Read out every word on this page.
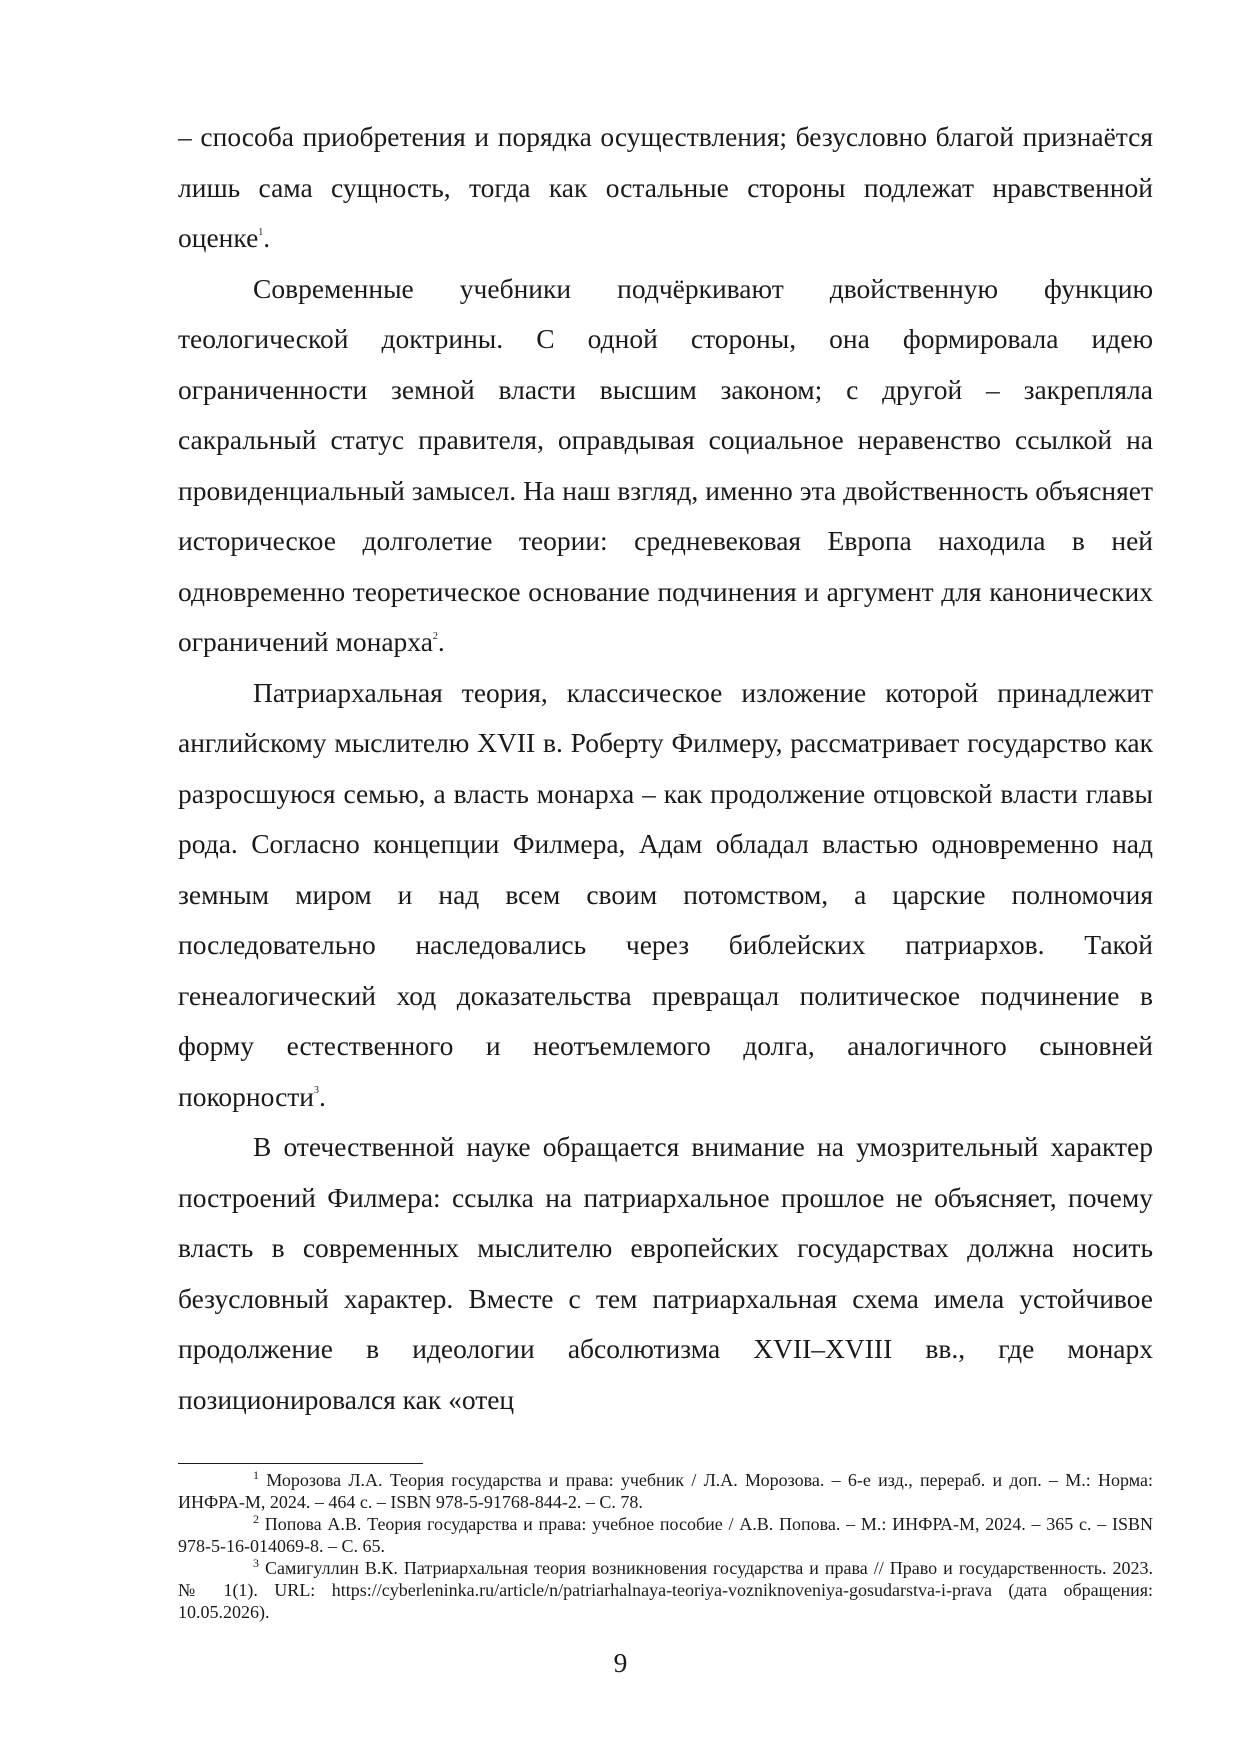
– способа приобретения и порядка осуществления; безусловно благой признаётся лишь сама сущность, тогда как остальные стороны подлежат нравственной оценке$^1$.

Современные учебники подчёркивают двойственную функцию теологической доктрины. С одной стороны, она формировала идею ограниченности земной власти высшим законом; с другой – закрепляла сакральный статус правителя, оправдывая социальное неравенство ссылкой на провиденциальный замысел. На наш взгляд, именно эта двойственность объясняет историческое долголетие теории: средневековая Европа находила в ней одновременно теоретическое основание подчинения и аргумент для канонических ограничений монарха$^2$.

Патриархальная теория, классическое изложение которой принадлежит английскому мыслителю XVII в. Роберту Филмеру, рассматривает государство как разросшуюся семью, а власть монарха – как продолжение отцовской власти главы рода. Согласно концепции Филмера, Адам обладал властью одновременно над земным миром и над всем своим потомством, а царские полномочия последовательно наследовались через библейских патриархов. Такой генеалогический ход доказательства превращал политическое подчинение в форму естественного и неотъемлемого долга, аналогичного сыновней покорности$^3$.

В отечественной науке обращается внимание на умозрительный характер построений Филмера: ссылка на патриархальное прошлое не объясняет, почему власть в современных мыслителю европейских государствах должна носить безусловный характер. Вместе с тем патриархальная схема имела устойчивое продолжение в идеологии абсолютизма XVII–XVIII вв., где монарх позиционировался как «отец

$^1$ Морозова Л.А. Теория государства и права: учебник / Л.А. Морозова. – 6-е изд., перераб. и доп. – М.: Норма: ИНФРА-М, 2024. – 464 с. – ISBN 978-5-91768-844-2. – С. 78.

$^2$ Попова А.В. Теория государства и права: учебное пособие / А.В. Попова. – М.: ИНФРА-М, 2024. – 365 с. – ISBN 978-5-16-014069-8. – С. 65.

$^3$ Самигуллин В.К. Патриархальная теория возникновения государства и права // Право и государственность. 2023. № 1(1). URL: https://cyberleninka.ru/article/n/patriarhalnaya-teoriya-vozniknoveniya-gosudarstva-i-prava (дата обращения: 10.05.2026).

9
